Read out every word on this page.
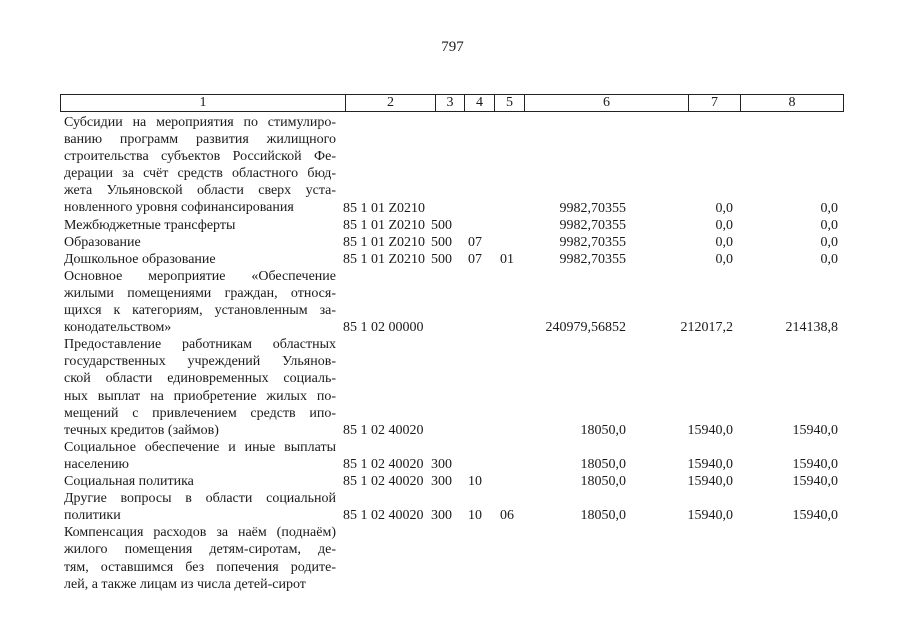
797
1	2	3	4	5	6	7	8
Субсидии на мероприятия по стимулиро-
ванию программ развития жилищного
строительства субъектов Российской Фе-
дерации за счёт средств областного бюд-
жета Ульяновской области сверх уста-
новленного уровня софинансирования	85 1 01 Z0210	9982,70355	0,0	0,0
Межбюджетные трансферты	85 1 01 Z0210 500	9982,70355	0,0	0,0
Образование	85 1 01 Z0210 500 07	9982,70355	0,0	0,0
Дошкольное образование	85 1 01 Z0210 500 07 01	9982,70355	0,0	0,0
Основное мероприятие «Обеспечение
жилыми помещениями граждан, относя-
щихся к категориям, установленным за-
конодательством»	85 1 02 00000	240979,56852	212017,2	214138,8
Предоставление работникам областных
государственных учреждений Ульянов-
ской области единовременных социаль-
ных выплат на приобретение жилых по-
мещений с привлечением средств ипо-
течных кредитов (займов)	85 1 02 40020	18050,0	15940,0	15940,0
Социальное обеспечение и иные выплаты
населению	85 1 02 40020 300	18050,0	15940,0	15940,0
Социальная политика	85 1 02 40020 300 10	18050,0	15940,0	15940,0
Другие вопросы в области социальной
политики	85 1 02 40020 300 10 06	18050,0	15940,0	15940,0
Компенсация расходов за наём (поднаём)
жилого помещения детям-сиротам, де-
тям, оставшимся без попечения родите-
лей, а также лицам из числа детей-сирот
